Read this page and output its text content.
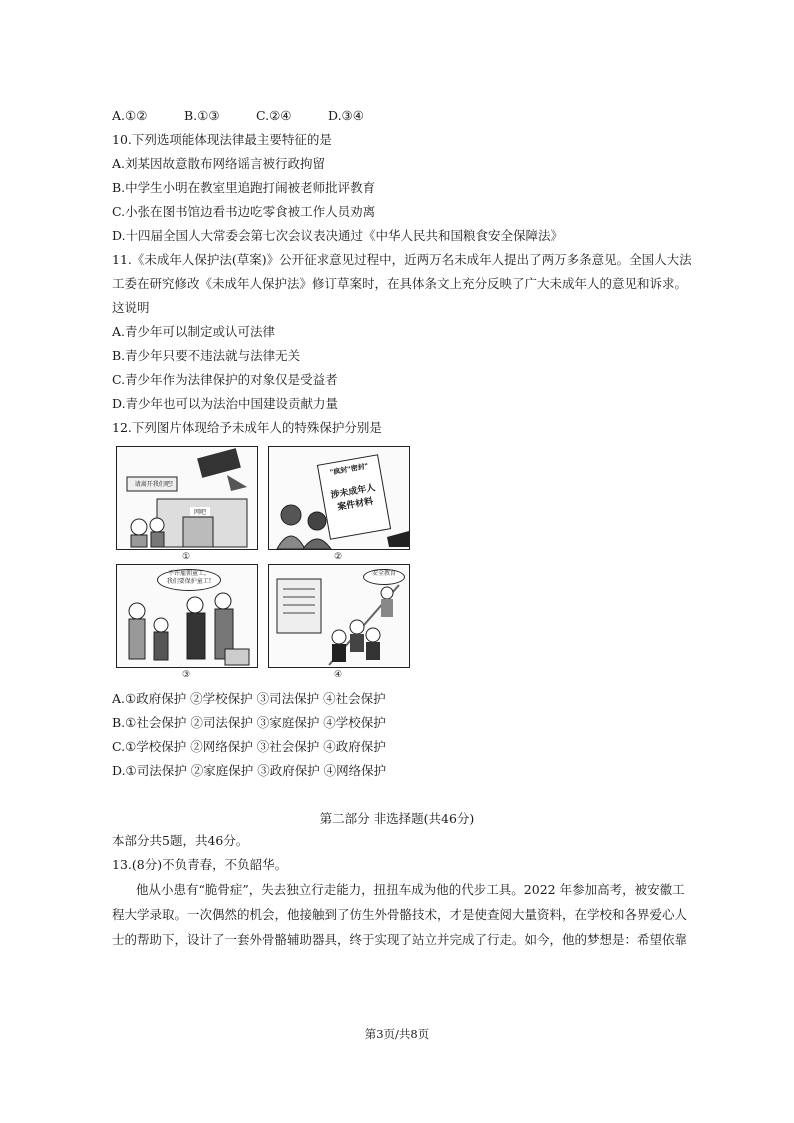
A.①②	B.①③	C.②④	D.③④
10.下列选项能体现法律最主要特征的是
A.刘某因故意散布网络谣言被行政拘留
B.中学生小明在教室里追跑打闹被老师批评教育
C.小张在图书馆边看书边吃零食被工作人员劝离
D.十四届全国人大常委会第七次会议表决通过《中华人民共和国粮食安全保障法》
11.《未成年人保护法(草案)》公开征求意见过程中，近两万名未成年人提出了两万多条意见。全国人大法
工委在研究修改《未成年人保护法》修订草案时，在具体条文上充分反映了广大未成年人的意见和诉求。
这说明
A.青少年可以制定或认可法律
B.青少年只要不违法就与法律无关
C.青少年作为法律保护的对象仅是受益者
D.青少年也可以为法治中国建设贡献力量
12.下列图片体现给予未成年人的特殊保护分别是
请离开我们吧!
网吧
①
"疯封"密封"
涉未成年人
案件材料
②
不许雇佣童工，
我们要保护童工!
③
安全教育
④
A.①政府保护 ②学校保护 ③司法保护 ④社会保护
B.①社会保护 ②司法保护 ③家庭保护 ④学校保护
C.①学校保护 ②网络保护 ③社会保护 ④政府保护
D.①司法保护 ②家庭保护 ③政府保护 ④网络保护
第二部分 非选择题(共46分)
本部分共5题，共46分。
13.(8分)不负青春，不负韶华。
他从小患有“脆骨症”，失去独立行走能力，扭扭车成为他的代步工具。2022 年参加高考，被安徽工
程大学录取。一次偶然的机会，他接触到了仿生外骨骼技术，才是使查阅大量资料，在学校和各界爱心人
士的帮助下，设计了一套外骨骼辅助器具，终于实现了站立并完成了行走。如今，他的梦想是：希望依靠
第3页/共8页
